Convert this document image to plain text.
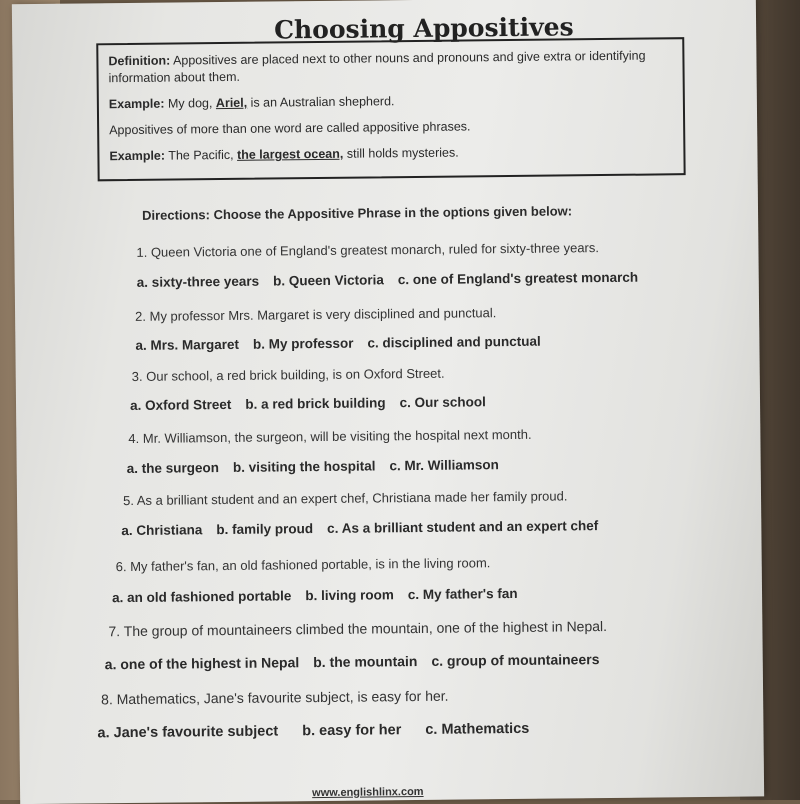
Choosing Appositives

Definition: Appositives are placed next to other nouns and pronouns and give extra or identifying information about them.

Example: My dog, Ariel, is an Australian shepherd.

Appositives of more than one word are called appositive phrases.

Example: The Pacific, the largest ocean, still holds mysteries.

Directions: Choose the Appositive Phrase in the options given below:
1. Queen Victoria one of England's greatest monarch, ruled for sixty-three years.
a. sixty-three years b. Queen Victoria c. one of England's greatest monarch
2. My professor Mrs. Margaret is very disciplined and punctual.
a. Mrs. Margaret b. My professor c. disciplined and punctual
3. Our school, a red brick building, is on Oxford Street.
a. Oxford Street b. a red brick building c. Our school
4. Mr. Williamson, the surgeon, will be visiting the hospital next month.
a. the surgeon b. visiting the hospital c. Mr. Williamson
5. As a brilliant student and an expert chef, Christiana made her family proud.
a. Christiana b. family proud c. As a brilliant student and an expert chef
6. My father's fan, an old fashioned portable, is in the living room.
a. an old fashioned portable b. living room c. My father's fan
7. The group of mountaineers climbed the mountain, one of the highest in Nepal.
a. one of the highest in Nepal b. the mountain c. group of mountaineers
8. Mathematics, Jane's favourite subject, is easy for her.
a. Jane's favourite subject b. easy for her c. Mathematics
www.englishlinx.com
